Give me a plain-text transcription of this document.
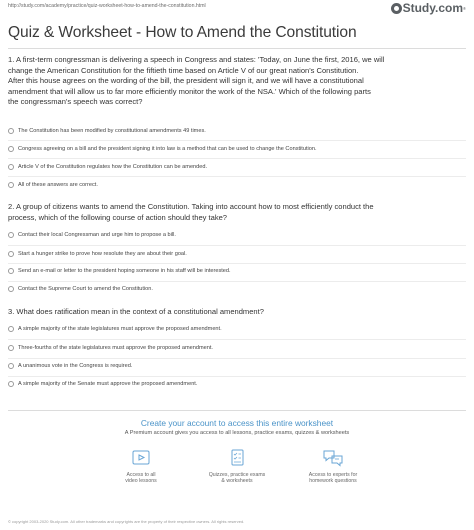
http://study.com/academy/practice/quiz-worksheet-how-to-amend-the-constitution.html	Study.com ®
Quiz & Worksheet - How to Amend the Constitution
1. A first-term congressman is delivering a speech in Congress and states: 'Today, on June the first, 2016, we will
change the American Constitution for the fiftieth time based on Article V of our great nation's Constitution.
After this house agrees on the wording of the bill, the president will sign it, and we will have a constitutional
amendment that will allow us to far more efficiently monitor the work of the NSA.' Which of the following parts
the congressman's speech was correct?
The Constitution has been modified by constitutional amendments 49 times.
Congress agreeing on a bill and the president signing it into law is a method that can be used to change the Constitution.
Article V of the Constitution regulates how the Constitution can be amended.
All of these answers are correct.
2. A group of citizens wants to amend the Constitution. Taking into account how to most efficiently conduct the
process, which of the following course of action should they take?
Contact their local Congressman and urge him to propose a bill.
Start a hunger strike to prove how resolute they are about their goal.
Send an e-mail or letter to the president hoping someone in his staff will be interested.
Contact the Supreme Court to amend the Constitution.
3. What does ratification mean in the context of a constitutional amendment?
A simple majority of the state legislatures must approve the proposed amendment.
Three-fourths of the state legislatures must approve the proposed amendment.
A unanimous vote in the Congress is required.
A simple majority of the Senate must approve the proposed amendment.
Create your account to access this entire worksheet
A Premium account gives you access to all lessons, practice exams, quizzes & worksheets
Access to all
video lessons
Quizzes, practice exams
& worksheets
Access to experts for
homework questions
© copyright 2003-2020 Study.com. All other trademarks and copyrights are the property of their respective owners. All rights reserved.
